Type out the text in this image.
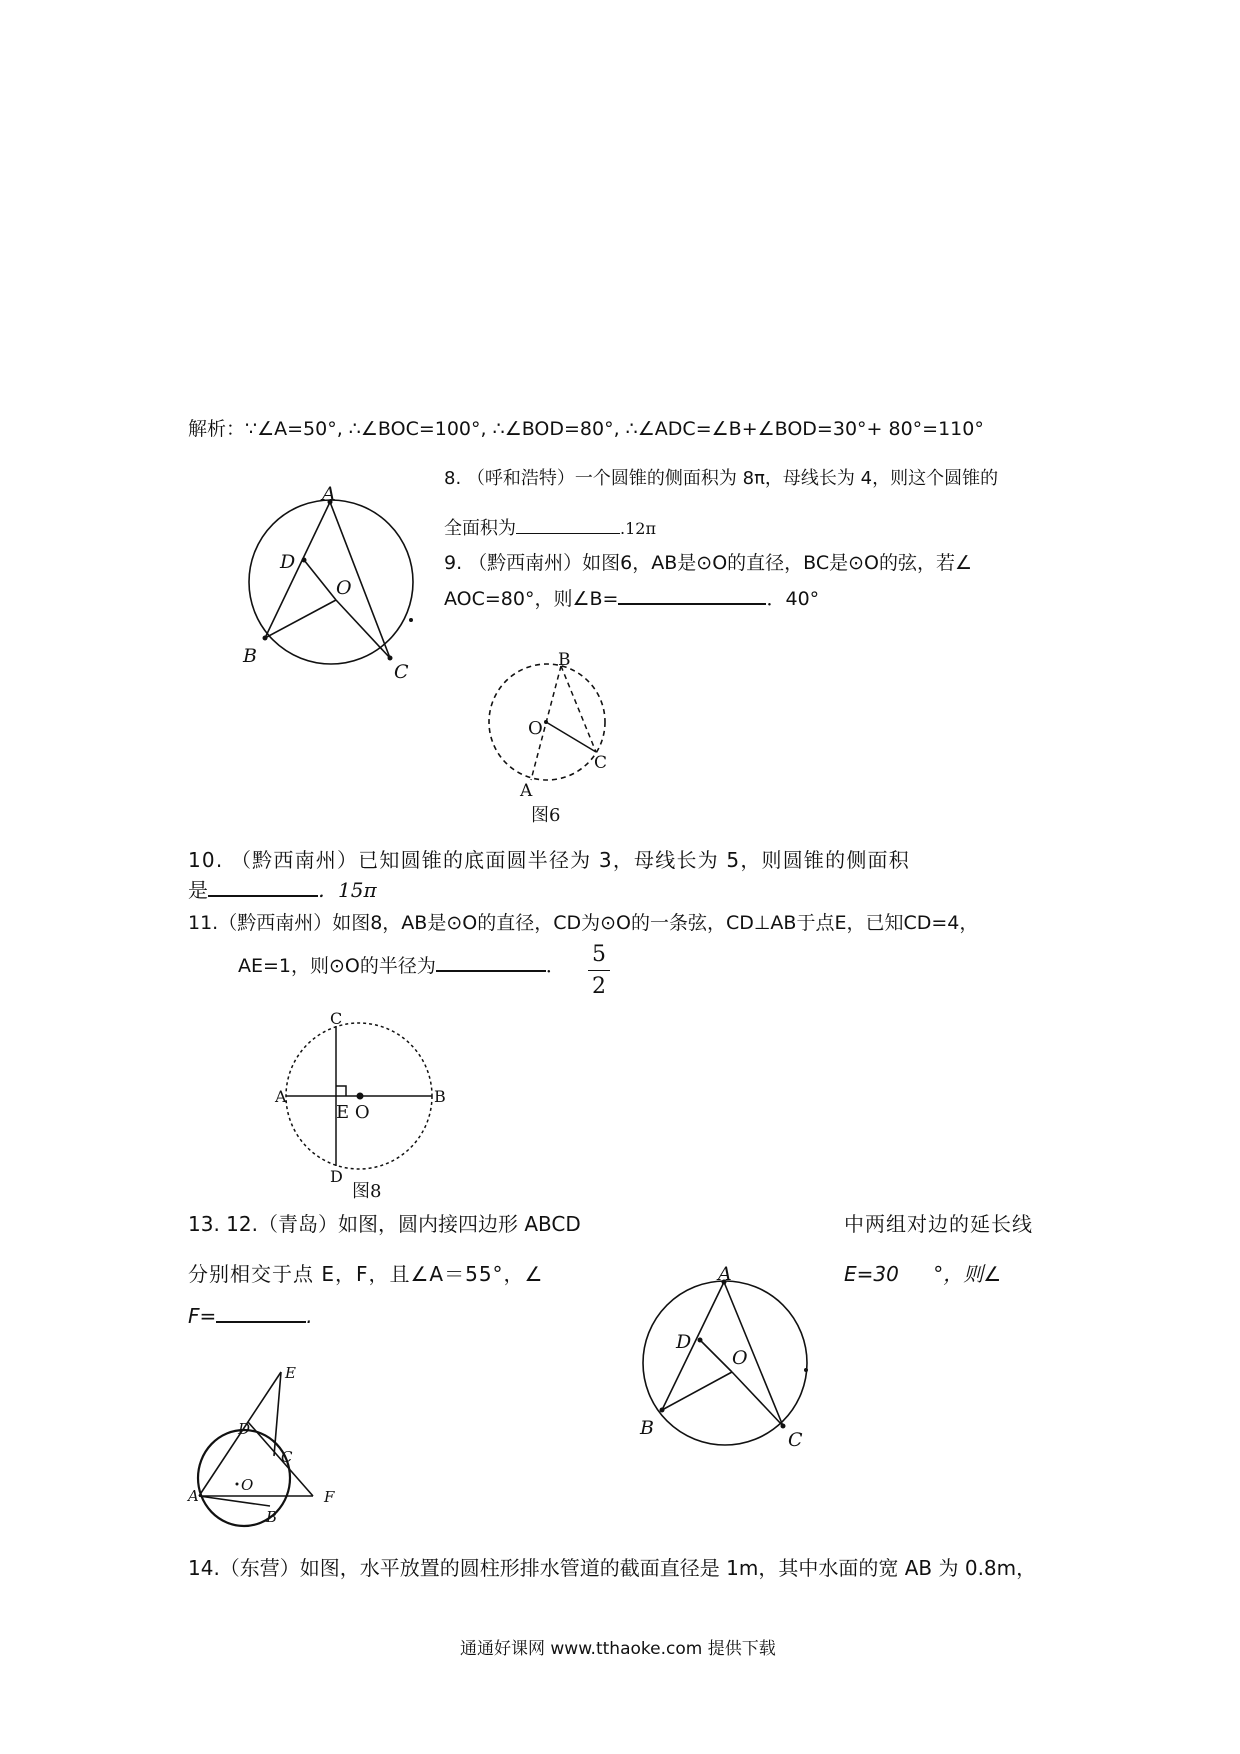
解析：∵∠A=50°, ∴∠BOC=100°, ∴∠BOD=80°, ∴∠ADC=∠B+∠BOD=30°+ 80°=110°
8. （呼和浩特）一个圆锥的侧面积为 8π，母线长为 4，则这个圆锥的
全面积为	.12π
9. （黔西南州）如图6，AB是⊙O的直径，BC是⊙O的弦，若∠
AOC=80°，则∠B=	．40°
10. （黔西南州）已知圆锥的底面圆半径为 3，母线长为 5，则圆锥的侧面积
是	．15π
11.（黔西南州）如图8，AB是⊙O的直径，CD为⊙O的一条弦，CD⊥AB于点E，已知CD=4，
AE=1，则⊙O的半径为	． 5
2
13. 12.（青岛）如图，圆内接四边形 ABCD	中两组对边的延长线
分别相交于点 E，F，且∠A＝55°，∠	E=30 °，则∠
F=	.
14.（东营）如图，水平放置的圆柱形排水管道的截面直径是 1m，其中水面的宽 AB 为 0.8m，
通通好课网 www.tthaoke.com 提供下载
A
D
O
B
C
B
O
C
A
图6
C
A	B
E O
D
图8
A
D
O
B
C
E
D
C
O
A	F
B
